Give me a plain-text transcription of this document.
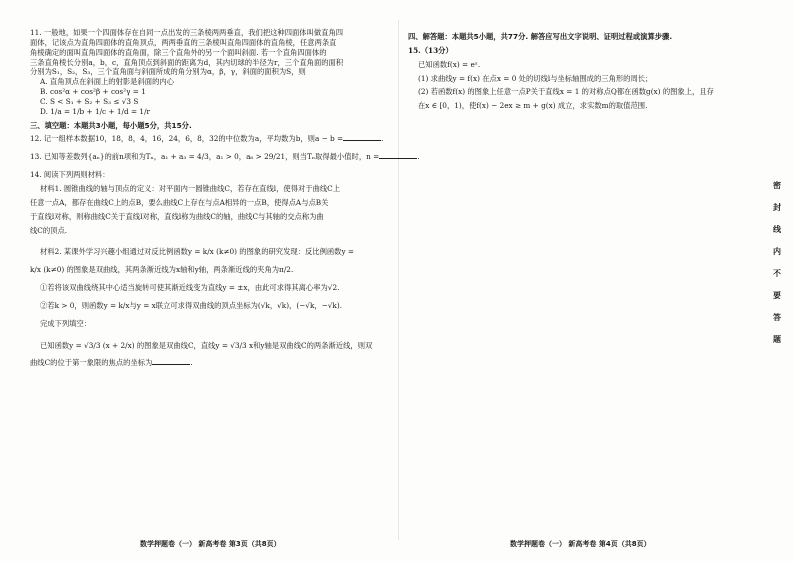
11. 一般地，如果一个四面体存在自同一点出发的三条棱两两垂直，我们把这种四面体叫做直角四
面体，记该点为直角四面体的直角顶点，两两垂直的三条棱叫直角四面体的直角棱，任意两条直
角棱确定的面叫直角四面体的直角面，除三个直角外的另一个面叫斜面. 若一个直角四面体的
三条直角棱长分别a，b，c，直角顶点到斜面的距离为d，其内切球的半径为r，三个直角面的面积
分别为S₁，S₂，S₃，三个直角面与斜面所成的角分别为α，β，γ，斜面的面积为S，则
A. 直角顶点在斜面上的射影是斜面的内心
B. cos²α + cos²β + cos²γ = 1
C. S < S₁ + S₂ + S₃ ≤ √3 S
D. 1/a = 1/b + 1/c + 1/d = 1/r
三、填空题：本题共3小题，每小题5分，共15分.
12. 记一组样本数据10，18，8，4，16，24，6，8，32的中位数为a，平均数为b，则a − b =	.
13. 已知等差数列{aₙ}的前n项和为Tₙ，a₁ + a₃ = 4/3，a₁ > 0，a₆ > 29/21，则当Tₙ取得最小值时，n =	.
14. 阅读下列两则材料：
材料1. 圆锥曲线的轴与顶点的定义：对平面内一圆锥曲线C，若存在直线l，使得对于曲线C上
任意一点A，都存在曲线C上的点B，要么曲线C上存在与点A相异的一点B，使得点A与点B关
于直线l对称，则称曲线C关于直线l对称，直线l称为曲线C的轴，曲线C与其轴的交点称为曲
线C的顶点.
材料2. 某课外学习兴趣小组通过对反比例函数y = k/x (k≠0) 的图象的研究发现：反比例函数y =
k/x (k≠0) 的图象是双曲线，其两条渐近线为x轴和y轴，两条渐近线的夹角为π/2.
①若将该双曲线绕其中心适当旋转可使其渐近线变为直线y = ±x，由此可求得其离心率为√2.
②若k > 0，则函数y = k/x与y = x联立可求得双曲线的顶点坐标为(√k，√k)，(−√k，−√k).
完成下列填空：
已知函数y = √3/3 (x + 2/x) 的图象是双曲线C，直线y = √3/3 x和y轴是双曲线C的两条渐近线，则双
曲线C的位于第一象限的焦点的坐标为	.
四、解答题：本题共5小题，共77分. 解答应写出文字说明、证明过程或演算步骤.
15.（13分）
已知函数f(x) = eˣ.
(1) 求曲线y = f(x) 在点x = 0 处的切线l与坐标轴围成的三角形的周长；
(2) 若函数f(x) 的图象上任意一点P关于直线x = 1 的对称点Q都在函数g(x) 的图象上，且存
在x ∈ [0，1)，使f(x) − 2ex ≥ m + g(x) 成立，求实数m的取值范围.
密
封
线
内
不
要
答
题
数学押题卷（一） 新高考卷 第3页（共8页）	数学押题卷（一） 新高考卷 第4页（共8页）
